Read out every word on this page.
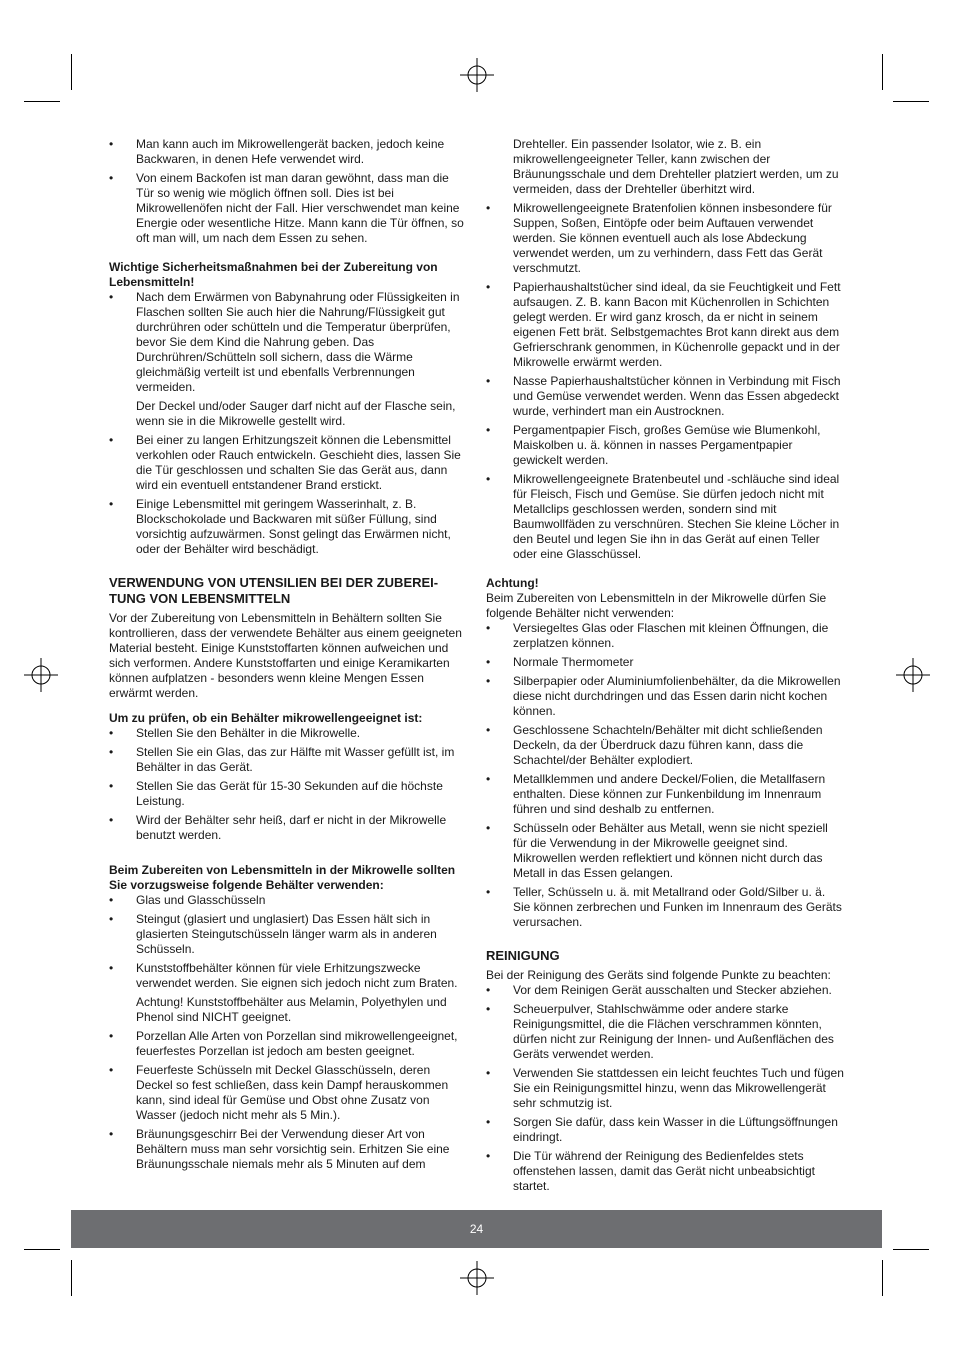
• Man kann auch im Mikrowellengerät backen, jedoch keine Backwaren, in denen Hefe verwendet wird.
• Von einem Backofen ist man daran gewöhnt, dass man die Tür so wenig wie möglich öffnen soll. Dies ist bei Mikrowellenöfen nicht der Fall. Hier verschwendet man keine Energie oder wesentliche Hitze. Mann kann die Tür öffnen, so oft man will, um nach dem Essen zu sehen.

Wichtige Sicherheitsmaßnahmen bei der Zubereitung von Lebensmitteln!

• Nach dem Erwärmen von Babynahrung oder Flüssigkeiten in Flaschen sollten Sie auch hier die Nahrung/Flüssigkeit gut durchrühren oder schütteln und die Temperatur überprüfen, bevor Sie dem Kind die Nahrung geben. Das Durchrühren/Schütteln soll sichern, dass die Wärme gleichmäßig verteilt ist und ebenfalls Verbrennungen vermeiden.
Der Deckel und/oder Sauger darf nicht auf der Flasche sein, wenn sie in die Mikrowelle gestellt wird.
• Bei einer zu langen Erhitzungszeit können die Lebensmittel verkohlen oder Rauch entwickeln. Geschieht dies, lassen Sie die Tür geschlossen und schalten Sie das Gerät aus, dann wird ein eventuell entstandener Brand erstickt.
• Einige Lebensmittel mit geringem Wasserinhalt, z. B. Blockschokolade und Backwaren mit süßer Füllung, sind vorsichtig aufzuwärmen. Sonst gelingt das Erwärmen nicht, oder der Behälter wird beschädigt.

VERWENDUNG VON UTENSILIEN BEI DER ZUBEREI-TUNG VON LEBENSMITTELN

Vor der Zubereitung von Lebensmitteln in Behältern sollten Sie kontrollieren, dass der verwendete Behälter aus einem geeigneten Material besteht. Einige Kunststoffarten können aufweichen und sich verformen. Andere Kunststoffarten und einige Keramikarten können aufplatzen - besonders wenn kleine Mengen Essen erwärmt werden.

Um zu prüfen, ob ein Behälter mikrowellengeeignet ist:

• Stellen Sie den Behälter in die Mikrowelle.
• Stellen Sie ein Glas, das zur Hälfte mit Wasser gefüllt ist, im Behälter in das Gerät.
• Stellen Sie das Gerät für 15-30 Sekunden auf die höchste Leistung.
• Wird der Behälter sehr heiß, darf er nicht in der Mikrowelle benutzt werden.

Beim Zubereiten von Lebensmitteln in der Mikrowelle sollten Sie vorzugsweise folgende Behälter verwenden:

• Glas und Glasschüsseln
• Steingut (glasiert und unglasiert) Das Essen hält sich in glasierten Steingutschüsseln länger warm als in anderen Schüsseln.
• Kunststoffbehälter können für viele Erhitzungszwecke verwendet werden. Sie eignen sich jedoch nicht zum Braten.
Achtung! Kunststoffbehälter aus Melamin, Polyethylen und Phenol sind NICHT geeignet.
• Porzellan Alle Arten von Porzellan sind mikrowellengeeignet, feuerfestes Porzellan ist jedoch am besten geeignet.
• Feuerfeste Schüsseln mit Deckel Glasschüsseln, deren Deckel so fest schließen, dass kein Dampf herauskommen kann, sind ideal für Gemüse und Obst ohne Zusatz von Wasser (jedoch nicht mehr als 5 Min.).
• Bräunungsgeschirr Bei der Verwendung dieser Art von Behältern muss man sehr vorsichtig sein. Erhitzen Sie eine Bräunungsschale niemals mehr als 5 Minuten auf dem

Drehteller. Ein passender Isolator, wie z. B. ein mikrowellengeeigneter Teller, kann zwischen der Bräunungsschale und dem Drehteller platziert werden, um zu vermeiden, dass der Drehteller überhitzt wird.

• Mikrowellengeeignete Bratenfolien können insbesondere für Suppen, Soßen, Eintöpfe oder beim Auftauen verwendet werden. Sie können eventuell auch als lose Abdeckung verwendet werden, um zu verhindern, dass Fett das Gerät verschmutzt.
• Papierhaushaltstücher sind ideal, da sie Feuchtigkeit und Fett aufsaugen. Z. B. kann Bacon mit Küchenrollen in Schichten gelegt werden. Er wird ganz krosch, da er nicht in seinem eigenen Fett brät. Selbstgemachtes Brot kann direkt aus dem Gefrierschrank genommen, in Küchenrolle gepackt und in der Mikrowelle erwärmt werden.
• Nasse Papierhaushaltstücher können in Verbindung mit Fisch und Gemüse verwendet werden. Wenn das Essen abgedeckt wurde, verhindert man ein Austrocknen.
• Pergamentpapier Fisch, großes Gemüse wie Blumenkohl, Maiskolben u. ä. können in nasses Pergamentpapier gewickelt werden.
• Mikrowellengeeignete Bratenbeutel und -schläuche sind ideal für Fleisch, Fisch und Gemüse. Sie dürfen jedoch nicht mit Metallclips geschlossen werden, sondern sind mit Baumwollfäden zu verschnüren. Stechen Sie kleine Löcher in den Beutel und legen Sie ihn in das Gerät auf einen Teller oder eine Glasschüssel.

Achtung!

Beim Zubereiten von Lebensmitteln in der Mikrowelle dürfen Sie folgende Behälter nicht verwenden:

• Versiegeltes Glas oder Flaschen mit kleinen Öffnungen, die zerplatzen können.
• Normale Thermometer
• Silberpapier oder Aluminiumfolienbehälter, da die Mikrowellen diese nicht durchdringen und das Essen darin nicht kochen können.
• Geschlossene Schachteln/Behälter mit dicht schließenden Deckeln, da der Überdruck dazu führen kann, dass die Schachtel/der Behälter explodiert.
• Metallklemmen und andere Deckel/Folien, die Metallfasern enthalten. Diese können zur Funkenbildung im Innenraum führen und sind deshalb zu entfernen.
• Schüsseln oder Behälter aus Metall, wenn sie nicht speziell für die Verwendung in der Mikrowelle geeignet sind. Mikrowellen werden reflektiert und können nicht durch das Metall in das Essen gelangen.
• Teller, Schüsseln u. ä. mit Metallrand oder Gold/Silber u. ä. Sie können zerbrechen und Funken im Innenraum des Geräts verursachen.

REINIGUNG

Bei der Reinigung des Geräts sind folgende Punkte zu beachten:

• Vor dem Reinigen Gerät ausschalten und Stecker abziehen.
• Scheuerpulver, Stahlschwämme oder andere starke Reinigungsmittel, die die Flächen verschrammen könnten, dürfen nicht zur Reinigung der Innen- und Außenflächen des Geräts verwendet werden.
• Verwenden Sie stattdessen ein leicht feuchtes Tuch und fügen Sie ein Reinigungsmittel hinzu, wenn das Mikrowellengerät sehr schmutzig ist.
• Sorgen Sie dafür, dass kein Wasser in die Lüftungsöffnungen eindringt.
• Die Tür während der Reinigung des Bedienfeldes stets offenstehen lassen, damit das Gerät nicht unbeabsichtigt startet.
24
